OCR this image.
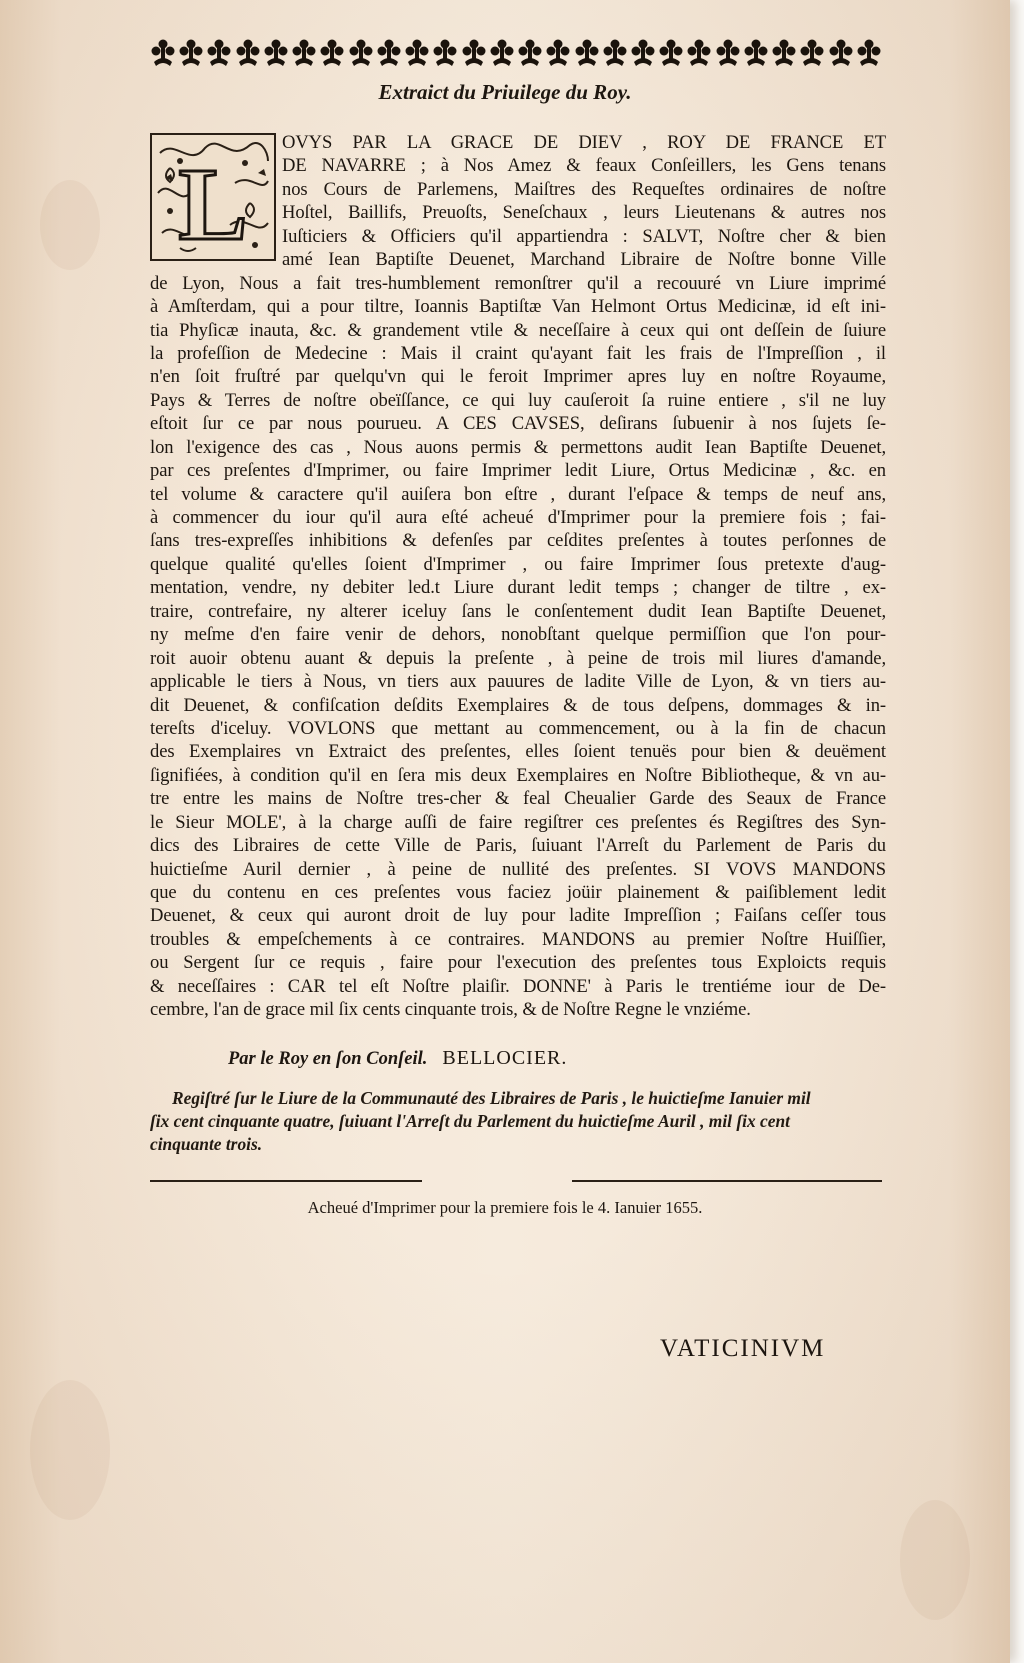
Extraict du Priuilege du Roy.
L
OVYS PAR LA GRACE DE DIEV , ROY DE FRANCE ET
DE NAVARRE ; à Nos Amez & feaux Conſeillers, les Gens tenans
nos Cours de Parlemens, Maiſtres des Requeſtes ordinaires de noſtre
Hoſtel, Baillifs, Preuoſts, Seneſchaux , leurs Lieutenans & autres nos
Iuſticiers & Officiers qu'il appartiendra : SALVT, Noſtre cher & bien
amé Iean Baptiſte Deuenet, Marchand Libraire de Noſtre bonne Ville
de Lyon, Nous a fait tres-humblement remonſtrer qu'il a recouuré vn Liure imprimé
à Amſterdam, qui a pour tiltre, Ioannis Baptiſtæ Van Helmont Ortus Medicinæ, id eſt ini-
tia Phyſicæ inauta, &c. & grandement vtile & neceſſaire à ceux qui ont deſſein de ſuiure
la profeſſion de Medecine : Mais il craint qu'ayant fait les frais de l'Impreſſion , il
n'en ſoit fruſtré par quelqu'vn qui le feroit Imprimer apres luy en noſtre Royaume,
Pays & Terres de noſtre obeïſſance, ce qui luy cauſeroit ſa ruine entiere , s'il ne luy
eſtoit ſur ce par nous pourueu. A CES CAVSES, deſirans ſubuenir à nos ſujets ſe-
lon l'exigence des cas , Nous auons permis & permettons audit Iean Baptiſte Deuenet,
par ces preſentes d'Imprimer, ou faire Imprimer ledit Liure, Ortus Medicinæ , &c. en
tel volume & caractere qu'il auiſera bon eſtre , durant l'eſpace & temps de neuf ans,
à commencer du iour qu'il aura eſté acheué d'Imprimer pour la premiere fois ; fai-
ſans tres-expreſſes inhibitions & defenſes par ceſdites preſentes à toutes perſonnes de
quelque qualité qu'elles ſoient d'Imprimer , ou faire Imprimer ſous pretexte d'aug-
mentation, vendre, ny debiter led.t Liure durant ledit temps ; changer de tiltre , ex-
traire, contrefaire, ny alterer iceluy ſans le conſentement dudit Iean Baptiſte Deuenet,
ny meſme d'en faire venir de dehors, nonobſtant quelque permiſſion que l'on pour-
roit auoir obtenu auant & depuis la preſente , à peine de trois mil liures d'amande,
applicable le tiers à Nous, vn tiers aux pauures de ladite Ville de Lyon, & vn tiers au-
dit Deuenet, & confiſcation deſdits Exemplaires & de tous deſpens, dommages & in-
tereſts d'iceluy. VOVLONS que mettant au commencement, ou à la fin de chacun
des Exemplaires vn Extraict des preſentes, elles ſoient tenuës pour bien & deuëment
ſignifiées, à condition qu'il en ſera mis deux Exemplaires en Noſtre Bibliotheque, & vn au-
tre entre les mains de Noſtre tres-cher & feal Cheualier Garde des Seaux de France
le Sieur MOLE', à la charge auſſi de faire regiſtrer ces preſentes és Regiſtres des Syn-
dics des Libraires de cette Ville de Paris, ſuiuant l'Arreſt du Parlement de Paris du
huictieſme Auril dernier , à peine de nullité des preſentes. SI VOVS MANDONS
que du contenu en ces preſentes vous faciez joüir plainement & paiſiblement ledit
Deuenet, & ceux qui auront droit de luy pour ladite Impreſſion ; Faiſans ceſſer tous
troubles & empeſchements à ce contraires. MANDONS au premier Noſtre Huiſſier,
ou Sergent ſur ce requis , faire pour l'execution des preſentes tous Exploicts requis
& neceſſaires : CAR tel eſt Noſtre plaiſir. DONNE' à Paris le trentiéme iour de De-
cembre, l'an de grace mil ſix cents cinquante trois, & de Noſtre Regne le vnziéme.
Par le Roy en ſon Conſeil. BELLOCIER.
Regiſtré ſur le Liure de la Communauté des Libraires de Paris , le huictieſme Ianuier mil
ſix cent cinquante quatre, ſuiuant l'Arreſt du Parlement du huictieſme Auril , mil ſix cent
cinquante trois.
Acheué d'Imprimer pour la premiere fois le 4. Ianuier 1655.
VATICINIVM
